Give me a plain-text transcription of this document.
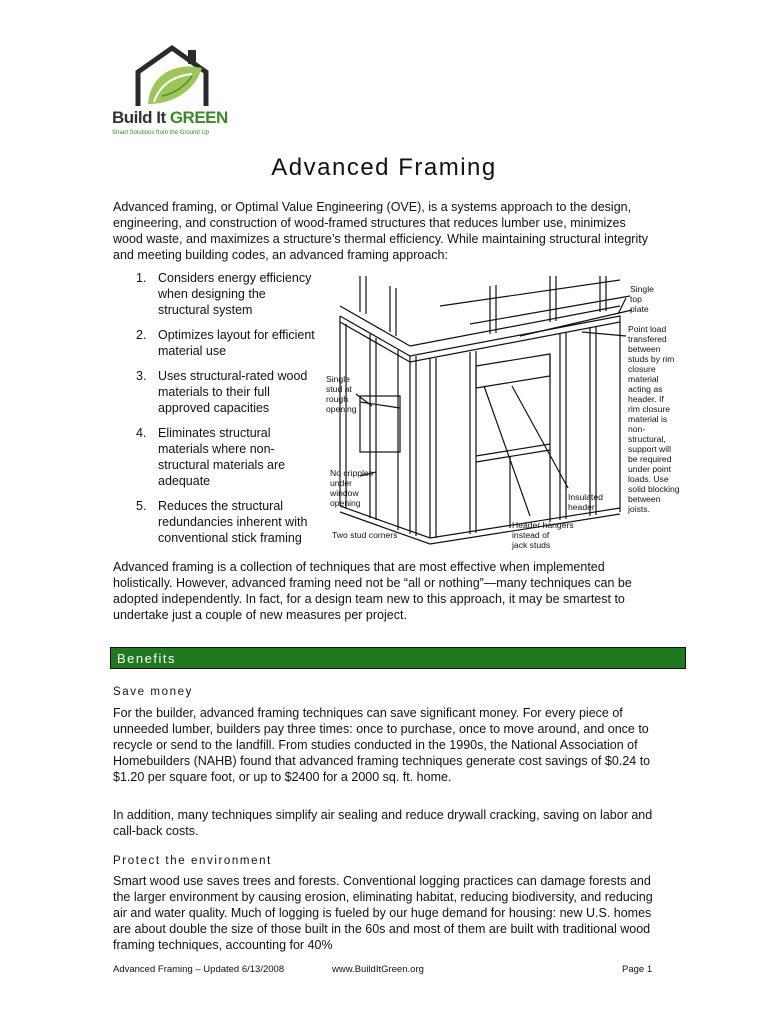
Build It GREEN
Smart Solutions from the Ground Up
Advanced Framing

Advanced framing, or Optimal Value Engineering (OVE), is a systems approach to the design, engineering, and construction of wood-framed structures that reduces lumber use, minimizes wood waste, and maximizes a structure’s thermal efficiency. While maintaining structural integrity and meeting building codes, an advanced framing approach:

1. Considers energy efficiency when designing the structural system
2. Optimizes layout for efficient material use
3. Uses structural-rated wood materials to their full approved capacities
4. Eliminates structural materials where non-structural materials are adequate
5. Reduces the structural redundancies inherent with conventional stick framing
Single
top
plate
Point load
transfered
between
studs by rim
closure
material
acting as
header. If
rim closure
material is
non-
structural,
support will
be required
under point
loads. Use
solid blocking
between
joists.
Single
stud at
rough
opening
No cripples
under
window
opening
Insulated
header
Header hangers
instead of
jack studs
Two stud corners

Advanced framing is a collection of techniques that are most effective when implemented holistically. However, advanced framing need not be “all or nothing”—many techniques can be adopted independently. In fact, for a design team new to this approach, it may be smartest to undertake just a couple of new measures per project.

Benefits
Save money

For the builder, advanced framing techniques can save significant money. For every piece of unneeded lumber, builders pay three times: once to purchase, once to move around, and once to recycle or send to the landfill. From studies conducted in the 1990s, the National Association of Homebuilders (NAHB) found that advanced framing techniques generate cost savings of $0.24 to $1.20 per square foot, or up to $2400 for a 2000 sq. ft. home.

In addition, many techniques simplify air sealing and reduce drywall cracking, saving on labor and call-back costs.

Protect the environment

Smart wood use saves trees and forests. Conventional logging practices can damage forests and the larger environment by causing erosion, eliminating habitat, reducing biodiversity, and reducing air and water quality. Much of logging is fueled by our huge demand for housing: new U.S. homes are about double the size of those built in the 60s and most of them are built with traditional wood framing techniques, accounting for 40%

Advanced Framing – Updated 6/13/2008	www.BuildItGreen.org	Page 1
